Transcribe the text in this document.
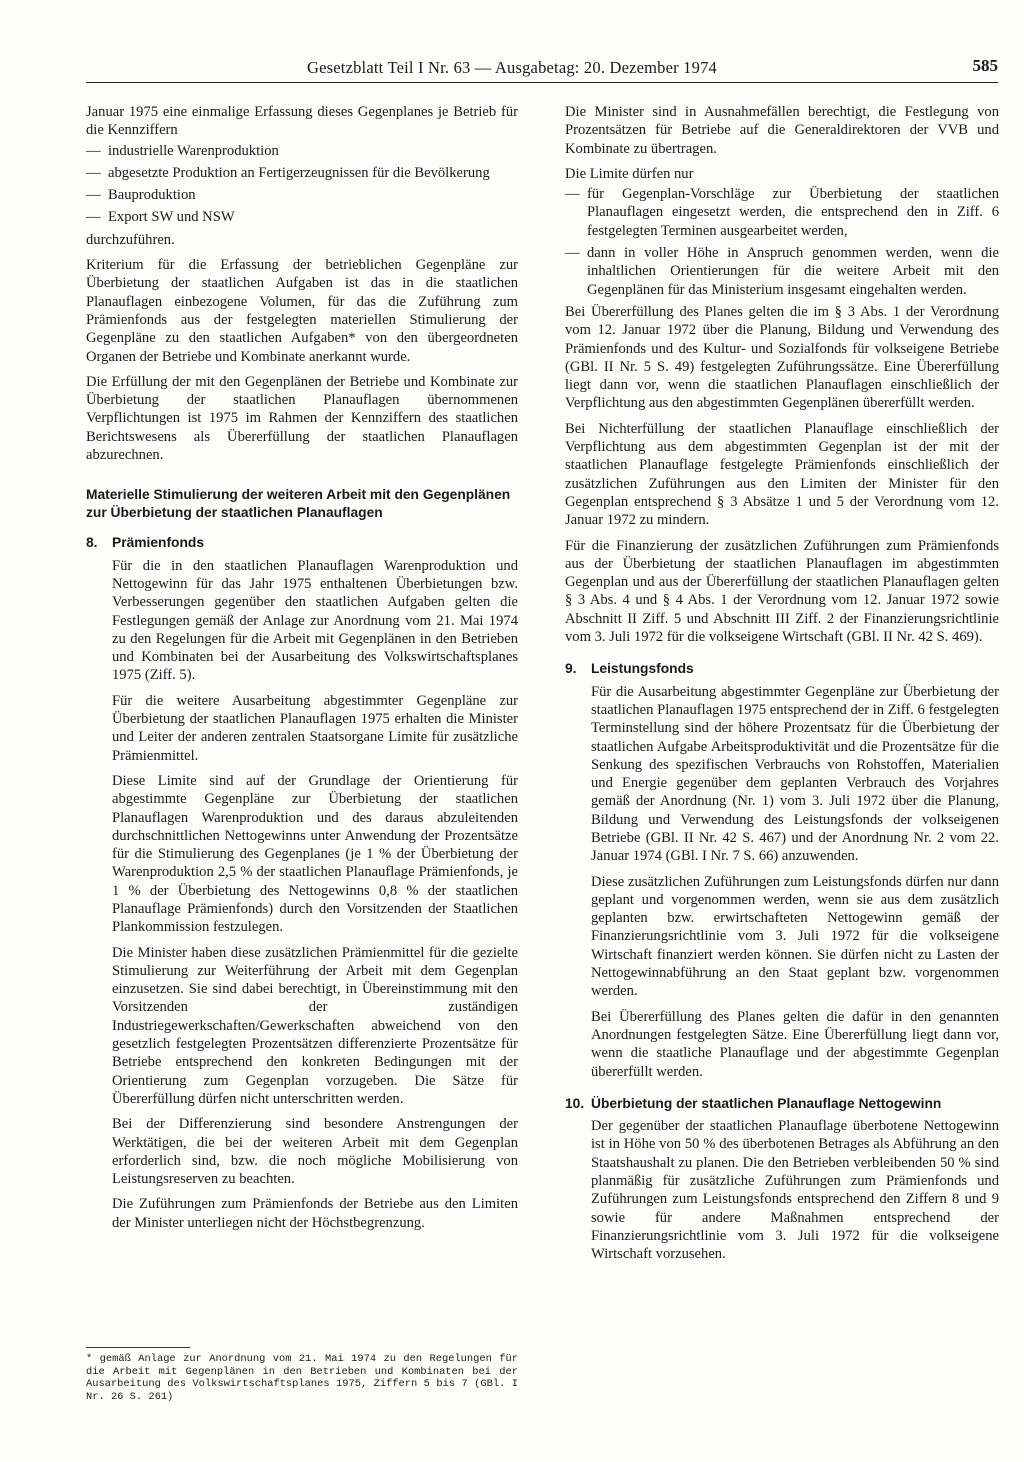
Gesetzblatt Teil I Nr. 63 — Ausgabetag: 20. Dezember 1974	585

Januar 1975 eine einmalige Erfassung dieses Gegenplanes je Betrieb für die Kennziffern

— industrielle Warenproduktion
— abgesetzte Produktion an Fertigerzeugnissen für die Bevölkerung
— Bauproduktion
— Export SW und NSW

durchzuführen.

Kriterium für die Erfassung der betrieblichen Gegenpläne zur Überbietung der staatlichen Aufgaben ist das in die staatlichen Planauflagen einbezogene Volumen, für das die Zuführung zum Prämienfonds aus der festgelegten materiellen Stimulierung der Gegenpläne zu den staatlichen Aufgaben* von den übergeordneten Organen der Betriebe und Kombinate anerkannt wurde.

Die Erfüllung der mit den Gegenplänen der Betriebe und Kombinate zur Überbietung der staatlichen Planauflagen übernommenen Verpflichtungen ist 1975 im Rahmen der Kennziffern des staatlichen Berichtswesens als Übererfüllung der staatlichen Planauflagen abzurechnen.

Materielle Stimulierung der weiteren Arbeit mit den Gegenplänen zur Überbietung der staatlichen Planauflagen
8.	Prämienfonds

Für die in den staatlichen Planauflagen Warenproduktion und Nettogewinn für das Jahr 1975 enthaltenen Überbietungen bzw. Verbesserungen gegenüber den staatlichen Aufgaben gelten die Festlegungen gemäß der Anlage zur Anordnung vom 21. Mai 1974 zu den Regelungen für die Arbeit mit Gegenplänen in den Betrieben und Kombinaten bei der Ausarbeitung des Volkswirtschaftsplanes 1975 (Ziff. 5).

Für die weitere Ausarbeitung abgestimmter Gegenpläne zur Überbietung der staatlichen Planauflagen 1975 erhalten die Minister und Leiter der anderen zentralen Staatsorgane Limite für zusätzliche Prämienmittel.

Diese Limite sind auf der Grundlage der Orientierung für abgestimmte Gegenpläne zur Überbietung der staatlichen Planauflagen Warenproduktion und des daraus abzuleitenden durchschnittlichen Nettogewinns unter Anwendung der Prozentsätze für die Stimulierung des Gegenplanes (je 1 % der Überbietung der Warenproduktion 2,5 % der staatlichen Planauflage Prämienfonds, je 1 % der Überbietung des Nettogewinns 0,8 % der staatlichen Planauflage Prämienfonds) durch den Vorsitzenden der Staatlichen Plankommission festzulegen.

Die Minister haben diese zusätzlichen Prämienmittel für die gezielte Stimulierung zur Weiterführung der Arbeit mit dem Gegenplan einzusetzen. Sie sind dabei berechtigt, in Übereinstimmung mit den Vorsitzenden der zuständigen Industriegewerkschaften/Gewerkschaften abweichend von den gesetzlich festgelegten Prozentsätzen differenzierte Prozentsätze für Betriebe entsprechend den konkreten Bedingungen mit der Orientierung zum Gegenplan vorzugeben. Die Sätze für Übererfüllung dürfen nicht unterschritten werden.

Bei der Differenzierung sind besondere Anstrengungen der Werktätigen, die bei der weiteren Arbeit mit dem Gegenplan erforderlich sind, bzw. die noch mögliche Mobilisierung von Leistungsreserven zu beachten.

Die Zuführungen zum Prämienfonds der Betriebe aus den Limiten der Minister unterliegen nicht der Höchstbegrenzung.

* gemäß Anlage zur Anordnung vom 21. Mai 1974 zu den Regelungen für die Arbeit mit Gegenplänen in den Betrieben und Kombinaten bei der Ausarbeitung des Volkswirtschaftsplanes 1975, Ziffern 5 bis 7 (GBl. I Nr. 26 S. 261)

Die Minister sind in Ausnahmefällen berechtigt, die Festlegung von Prozentsätzen für Betriebe auf die Generaldirektoren der VVB und Kombinate zu übertragen.

Die Limite dürfen nur

— für Gegenplan-Vorschläge zur Überbietung der staatlichen Planauflagen eingesetzt werden, die entsprechend den in Ziff. 6 festgelegten Terminen ausgearbeitet werden,
— dann in voller Höhe in Anspruch genommen werden, wenn die inhaltlichen Orientierungen für die weitere Arbeit mit den Gegenplänen für das Ministerium insgesamt eingehalten werden.

Bei Übererfüllung des Planes gelten die im § 3 Abs. 1 der Verordnung vom 12. Januar 1972 über die Planung, Bildung und Verwendung des Prämienfonds und des Kultur- und Sozialfonds für volkseigene Betriebe (GBl. II Nr. 5 S. 49) festgelegten Zuführungssätze. Eine Übererfüllung liegt dann vor, wenn die staatlichen Planauflagen einschließlich der Verpflichtung aus den abgestimmten Gegenplänen übererfüllt werden.

Bei Nichterfüllung der staatlichen Planauflage einschließlich der Verpflichtung aus dem abgestimmten Gegenplan ist der mit der staatlichen Planauflage festgelegte Prämienfonds einschließlich der zusätzlichen Zuführungen aus den Limiten der Minister für den Gegenplan entsprechend § 3 Absätze 1 und 5 der Verordnung vom 12. Januar 1972 zu mindern.

Für die Finanzierung der zusätzlichen Zuführungen zum Prämienfonds aus der Überbietung der staatlichen Planauflagen im abgestimmten Gegenplan und aus der Übererfüllung der staatlichen Planauflagen gelten § 3 Abs. 4 und § 4 Abs. 1 der Verordnung vom 12. Januar 1972 sowie Abschnitt II Ziff. 5 und Abschnitt III Ziff. 2 der Finanzierungsrichtlinie vom 3. Juli 1972 für die volkseigene Wirtschaft (GBl. II Nr. 42 S. 469).

9.	Leistungsfonds

Für die Ausarbeitung abgestimmter Gegenpläne zur Überbietung der staatlichen Planauflagen 1975 entsprechend der in Ziff. 6 festgelegten Terminstellung sind der höhere Prozentsatz für die Überbietung der staatlichen Aufgabe Arbeitsproduktivität und die Prozentsätze für die Senkung des spezifischen Verbrauchs von Rohstoffen, Materialien und Energie gegenüber dem geplanten Verbrauch des Vorjahres gemäß der Anordnung (Nr. 1) vom 3. Juli 1972 über die Planung, Bildung und Verwendung des Leistungsfonds der volkseigenen Betriebe (GBl. II Nr. 42 S. 467) und der Anordnung Nr. 2 vom 22. Januar 1974 (GBl. I Nr. 7 S. 66) anzuwenden.

Diese zusätzlichen Zuführungen zum Leistungsfonds dürfen nur dann geplant und vorgenommen werden, wenn sie aus dem zusätzlich geplanten bzw. erwirtschafteten Nettogewinn gemäß der Finanzierungsrichtlinie vom 3. Juli 1972 für die volkseigene Wirtschaft finanziert werden können. Sie dürfen nicht zu Lasten der Nettogewinnabführung an den Staat geplant bzw. vorgenommen werden.

Bei Übererfüllung des Planes gelten die dafür in den genannten Anordnungen festgelegten Sätze. Eine Übererfüllung liegt dann vor, wenn die staatliche Planauflage und der abgestimmte Gegenplan übererfüllt werden.

10. Überbietung der staatlichen Planauflage Nettogewinn

Der gegenüber der staatlichen Planauflage überbotene Nettogewinn ist in Höhe von 50 % des überbotenen Betrages als Abführung an den Staatshaushalt zu planen. Die den Betrieben verbleibenden 50 % sind planmäßig für zusätzliche Zuführungen zum Prämienfonds und Zuführungen zum Leistungsfonds entsprechend den Ziffern 8 und 9 sowie für andere Maßnahmen entsprechend der Finanzierungsrichtlinie vom 3. Juli 1972 für die volkseigene Wirtschaft vorzusehen.
